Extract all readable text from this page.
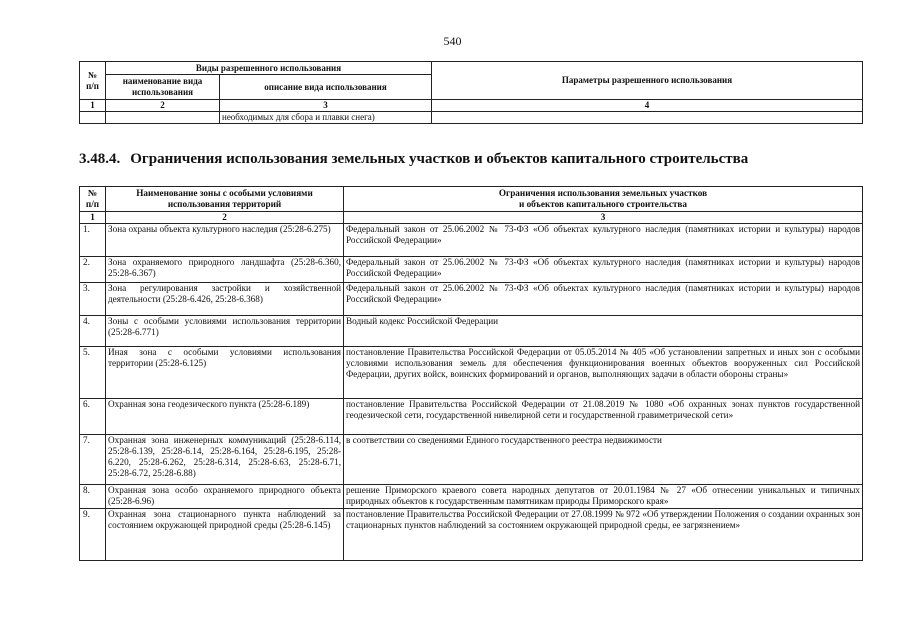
540
№
п/п	Виды разрешенного использования		Параметры разрешенного использования
	наименование вида
использования	описание вида использования	
1	2	3	4
		необходимых для сбора и плавки снега)	
3.48.4. Ограничения использования земельных участков и объектов капитального строительства
№
п/п	Наименование зоны с особыми условиями
использования территорий	Ограничения использования земельных участков
и объектов капитального строительства
1	2	3
1.	Зона охраны объекта культурного наследия (25:28-6.275)	Федеральный закон от 25.06.2002 № 73-ФЗ «Об объектах культурного наследия (памятниках истории и культуры) народов Российской Федерации»
2.	Зона охраняемого природного ландшафта (25:28-6.360, 25:28-6.367)	Федеральный закон от 25.06.2002 № 73-ФЗ «Об объектах культурного наследия (памятниках истории и культуры) народов Российской Федерации»
3.	Зона регулирования застройки и хозяйственной деятельности (25:28-6.426, 25:28-6.368)	Федеральный закон от 25.06.2002 № 73-ФЗ «Об объектах культурного наследия (памятниках истории и культуры) народов Российской Федерации»
4.	Зоны с особыми условиями использования территории (25:28-6.771)	Водный кодекс Российской Федерации
5.	Иная зона с особыми условиями использования территории (25:28-6.125)	постановление Правительства Российской Федерации от 05.05.2014 № 405 «Об установлении запретных и иных зон с особыми условиями использования земель для обеспечения функционирования военных объектов вооруженных сил Российской Федерации, других войск, воинских формирований и органов, выполняющих задачи в области обороны страны»
6.	Охранная зона геодезического пункта (25:28-6.189)	постановление Правительства Российской Федерации от 21.08.2019 № 1080 «Об охранных зонах пунктов государственной геодезической сети, государственной нивелирной сети и государственной гравиметрической сети»
7.	Охранная зона инженерных коммуникаций (25:28-6.114, 25:28-6.139, 25:28-6.14, 25:28-6.164, 25:28-6.195, 25:28-6.220, 25:28-6.262, 25:28-6.314, 25:28-6.63, 25:28-6.71, 25:28-6.72, 25:28-6.88)	в соответствии со сведениями Единого государственного реестра недвижимости
8.	Охранная зона особо охраняемого природного объекта (25:28-6.96)	решение Приморского краевого совета народных депутатов от 20.01.1984 № 27 «Об отнесении уникальных и типичных природных объектов к государственным памятникам природы Приморского края»
9.	Охранная зона стационарного пункта наблюдений за состоянием окружающей природной среды (25:28-6.145)	постановление Правительства Российской Федерации от 27.08.1999 № 972 «Об утверждении Положения о создании охранных зон стационарных пунктов наблюдений за состоянием окружающей природной среды, ее загрязнением»
